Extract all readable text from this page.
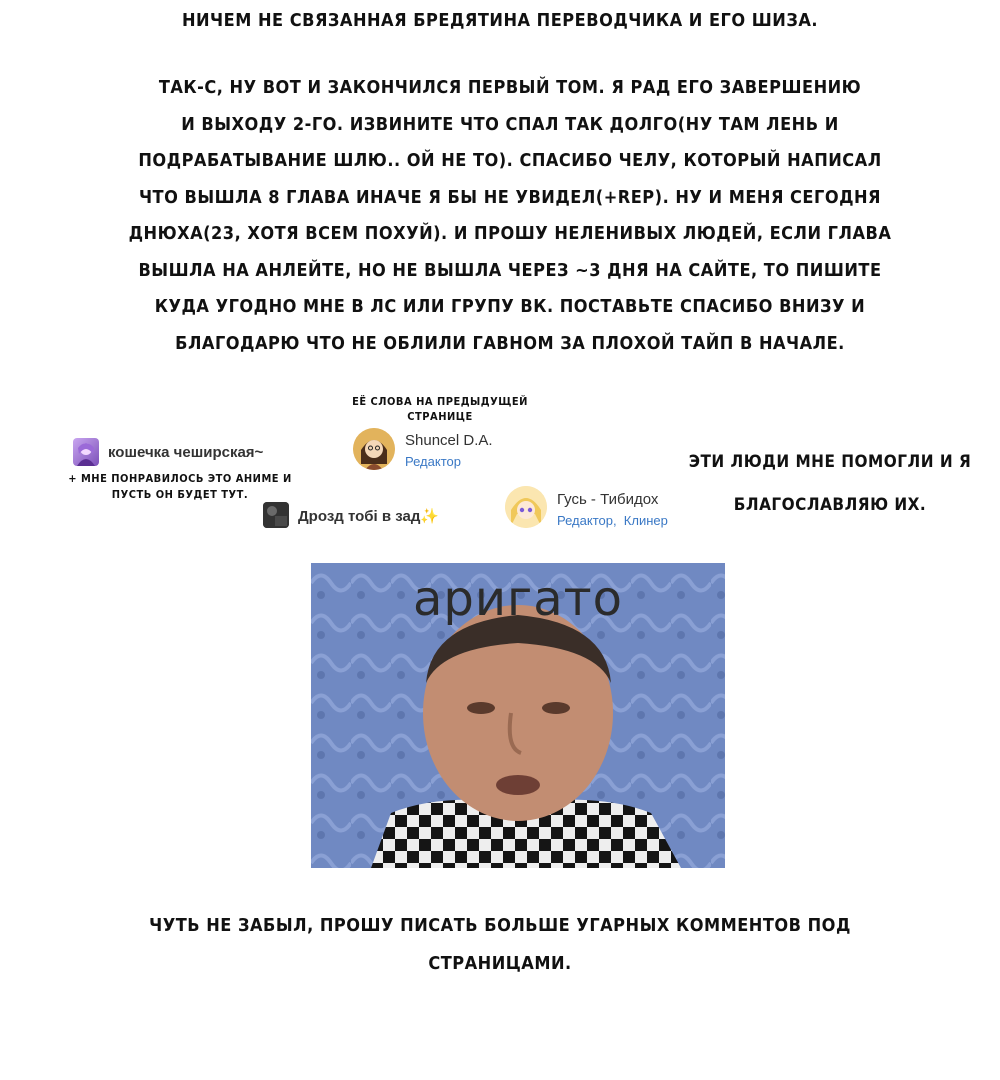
НИЧЕМ НЕ СВЯЗАННАЯ БРЕДЯТИНА ПЕРЕВОДЧИКА И ЕГО ШИЗА.
ТАК-С, НУ ВОТ И ЗАКОНЧИЛСЯ ПЕРВЫЙ ТОМ. Я РАД ЕГО ЗАВЕРШЕНИЮ
И ВЫХОДУ 2-ГО. ИЗВИНИТЕ ЧТО СПАЛ ТАК ДОЛГО(НУ ТАМ ЛЕНЬ И
ПОДРАБАТЫВАНИЕ ШЛЮ.. ОЙ НЕ ТО). СПАСИБО ЧЕЛУ, КОТОРЫЙ НАПИСАЛ
ЧТО ВЫШЛА 8 ГЛАВА ИНАЧЕ Я БЫ НЕ УВИДЕЛ(+REP). НУ И МЕНЯ СЕГОДНЯ
ДНЮХА(23, ХОТЯ ВСЕМ ПОХУЙ). И ПРОШУ НЕЛЕНИВЫХ ЛЮДЕЙ, ЕСЛИ ГЛАВА
ВЫШЛА НА АНЛЕЙТЕ, НО НЕ ВЫШЛА ЧЕРЕЗ ~3 ДНЯ НА САЙТЕ, ТО ПИШИТЕ
КУДА УГОДНО МНЕ В ЛС ИЛИ ГРУПУ ВК. ПОСТАВЬТЕ СПАСИБО ВНИЗУ И
БЛАГОДАРЮ ЧТО НЕ ОБЛИЛИ ГАВНОМ ЗА ПЛОХОЙ ТАЙП В НАЧАЛЕ.
кошечка чеширская~
+ МНЕ ПОНРАВИЛОСЬ ЭТО АНИМЕ И
ПУСТЬ ОН БУДЕТ ТУТ.
Дрозд тобі в зад✨
ЕЁ СЛОВА НА ПРЕДЫДУЩЕЙ
СТРАНИЦЕ
Shuncel D.A.
Редактор
Гусь - Тибидох
Редактор,  Клинер
ЭТИ ЛЮДИ МНЕ ПОМОГЛИ И Я
БЛАГОСЛАВЛЯЮ ИХ.
аригато
ЧУТЬ НЕ ЗАБЫЛ, ПРОШУ ПИСАТЬ БОЛЬШЕ УГАРНЫХ КОММЕНТОВ ПОД
СТРАНИЦАМИ.
